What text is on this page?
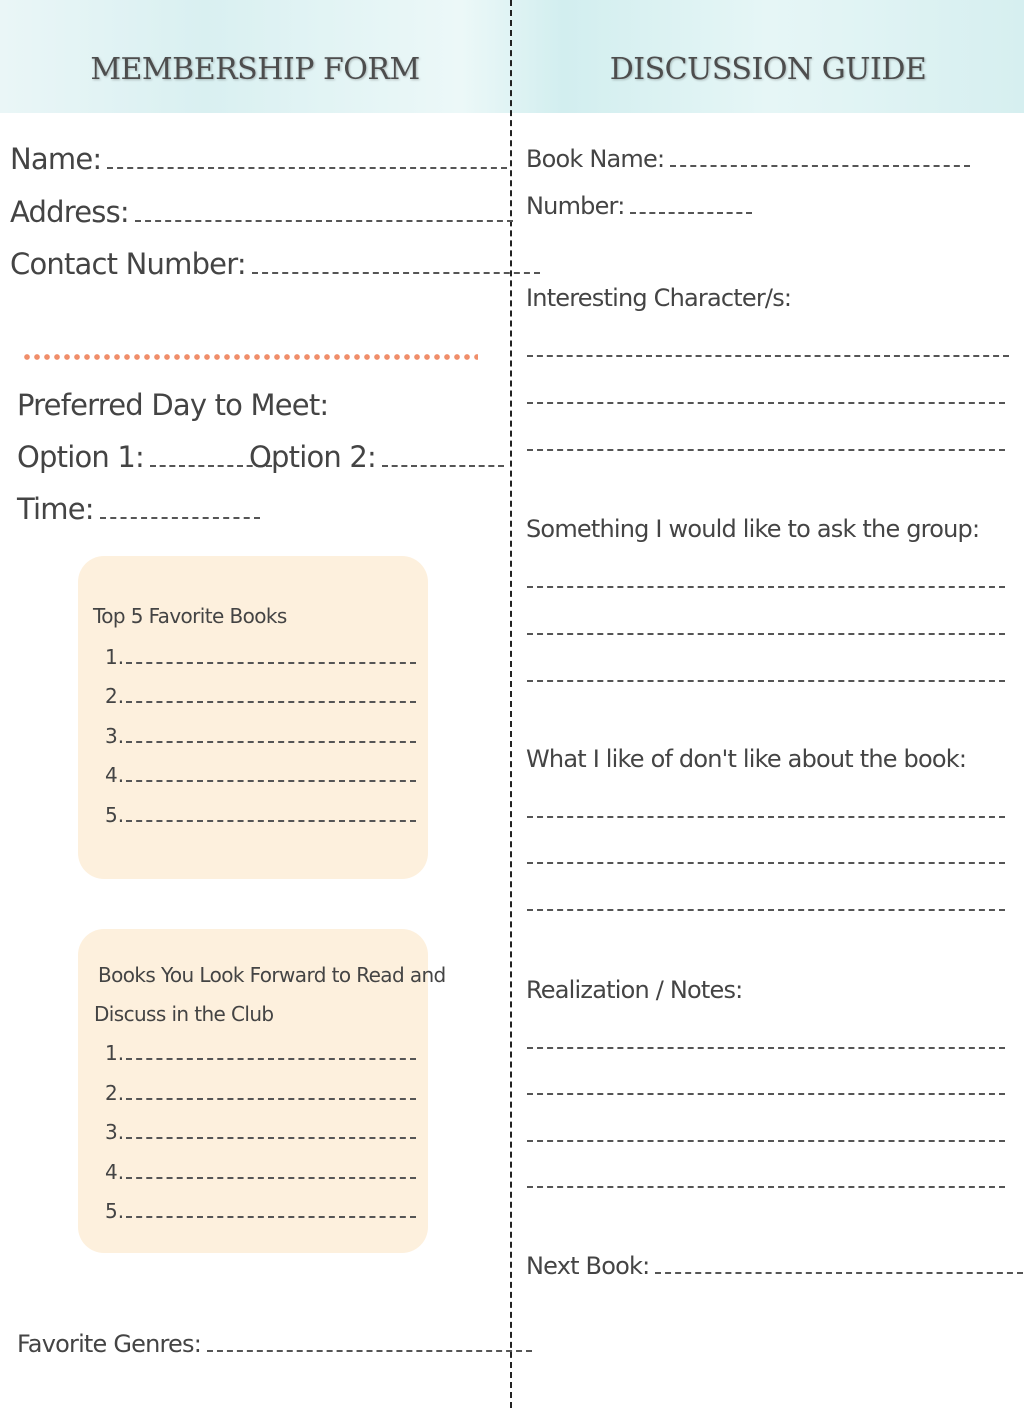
MEMBERSHIP FORM
Name:
Address:
Contact Number:
Preferred Day to Meet:
Option 1:	Option 2:
Time:
Top 5 Favorite Books
1.
2.
3.
4.
5.
Books You Look Forward to Read and
Discuss in the Club
1.
2.
3.
4.
5.
Favorite Genres:
DISCUSSION GUIDE
Book Name:
Number:
Interesting Character/s:
Something I would like to ask the group:
What I like of don't like about the book:
Realization / Notes:
Next Book:
